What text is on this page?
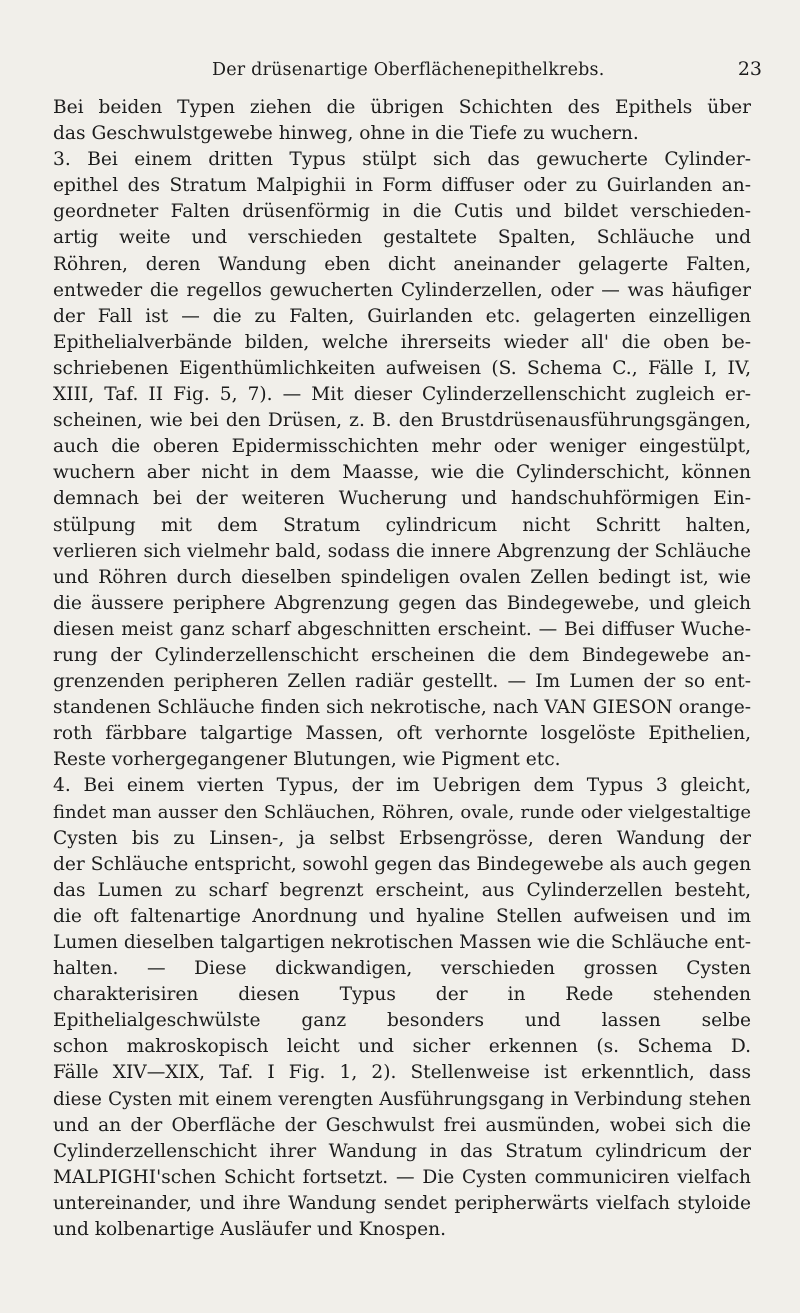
Der drüsenartige Oberflächenepithelkrebs.	23
Bei beiden Typen ziehen die übrigen Schichten des Epithels über
das Geschwulstgewebe hinweg, ohne in die Tiefe zu wuchern.
3. Bei einem dritten Typus stülpt sich das gewucherte Cylinder-
epithel des Stratum Malpighii in Form diffuser oder zu Guirlanden an-
geordneter Falten drüsenförmig in die Cutis und bildet verschieden-
artig weite und verschieden gestaltete Spalten, Schläuche und
Röhren, deren Wandung eben dicht aneinander gelagerte Falten,
entweder die regellos gewucherten Cylinderzellen, oder — was häufiger
der Fall ist — die zu Falten, Guirlanden etc. gelagerten einzelligen
Epithelialverbände bilden, welche ihrerseits wieder all' die oben be-
schriebenen Eigenthümlichkeiten aufweisen (S. Schema C., Fälle I, IV,
XIII, Taf. II Fig. 5, 7). — Mit dieser Cylinderzellenschicht zugleich er-
scheinen, wie bei den Drüsen, z. B. den Brustdrüsenausführungsgängen,
auch die oberen Epidermisschichten mehr oder weniger eingestülpt,
wuchern aber nicht in dem Maasse, wie die Cylinderschicht, können
demnach bei der weiteren Wucherung und handschuhförmigen Ein-
stülpung mit dem Stratum cylindricum nicht Schritt halten,
verlieren sich vielmehr bald, sodass die innere Abgrenzung der Schläuche
und Röhren durch dieselben spindeligen ovalen Zellen bedingt ist, wie
die äussere periphere Abgrenzung gegen das Bindegewebe, und gleich
diesen meist ganz scharf abgeschnitten erscheint. — Bei diffuser Wuche-
rung der Cylinderzellenschicht erscheinen die dem Bindegewebe an-
grenzenden peripheren Zellen radiär gestellt. — Im Lumen der so ent-
standenen Schläuche finden sich nekrotische, nach VAN GIESON orange-
roth färbbare talgartige Massen, oft verhornte losgelöste Epithelien,
Reste vorhergegangener Blutungen, wie Pigment etc.
4. Bei einem vierten Typus, der im Uebrigen dem Typus 3 gleicht,
findet man ausser den Schläuchen, Röhren, ovale, runde oder vielgestaltige
Cysten bis zu Linsen-, ja selbst Erbsengrösse, deren Wandung der
der Schläuche entspricht, sowohl gegen das Bindegewebe als auch gegen
das Lumen zu scharf begrenzt erscheint, aus Cylinderzellen besteht,
die oft faltenartige Anordnung und hyaline Stellen aufweisen und im
Lumen dieselben talgartigen nekrotischen Massen wie die Schläuche ent-
halten. — Diese dickwandigen, verschieden grossen Cysten
charakterisiren diesen Typus der in Rede stehenden
Epithelialgeschwülste ganz besonders und lassen selbe
schon makroskopisch leicht und sicher erkennen (s. Schema D.
Fälle XIV—XIX, Taf. I Fig. 1, 2). Stellenweise ist erkenntlich, dass
diese Cysten mit einem verengten Ausführungsgang in Verbindung stehen
und an der Oberfläche der Geschwulst frei ausmünden, wobei sich die
Cylinderzellenschicht ihrer Wandung in das Stratum cylindricum der
MALPIGHI'schen Schicht fortsetzt. — Die Cysten communiciren vielfach
untereinander, und ihre Wandung sendet peripherwärts vielfach styloide
und kolbenartige Ausläufer und Knospen.
